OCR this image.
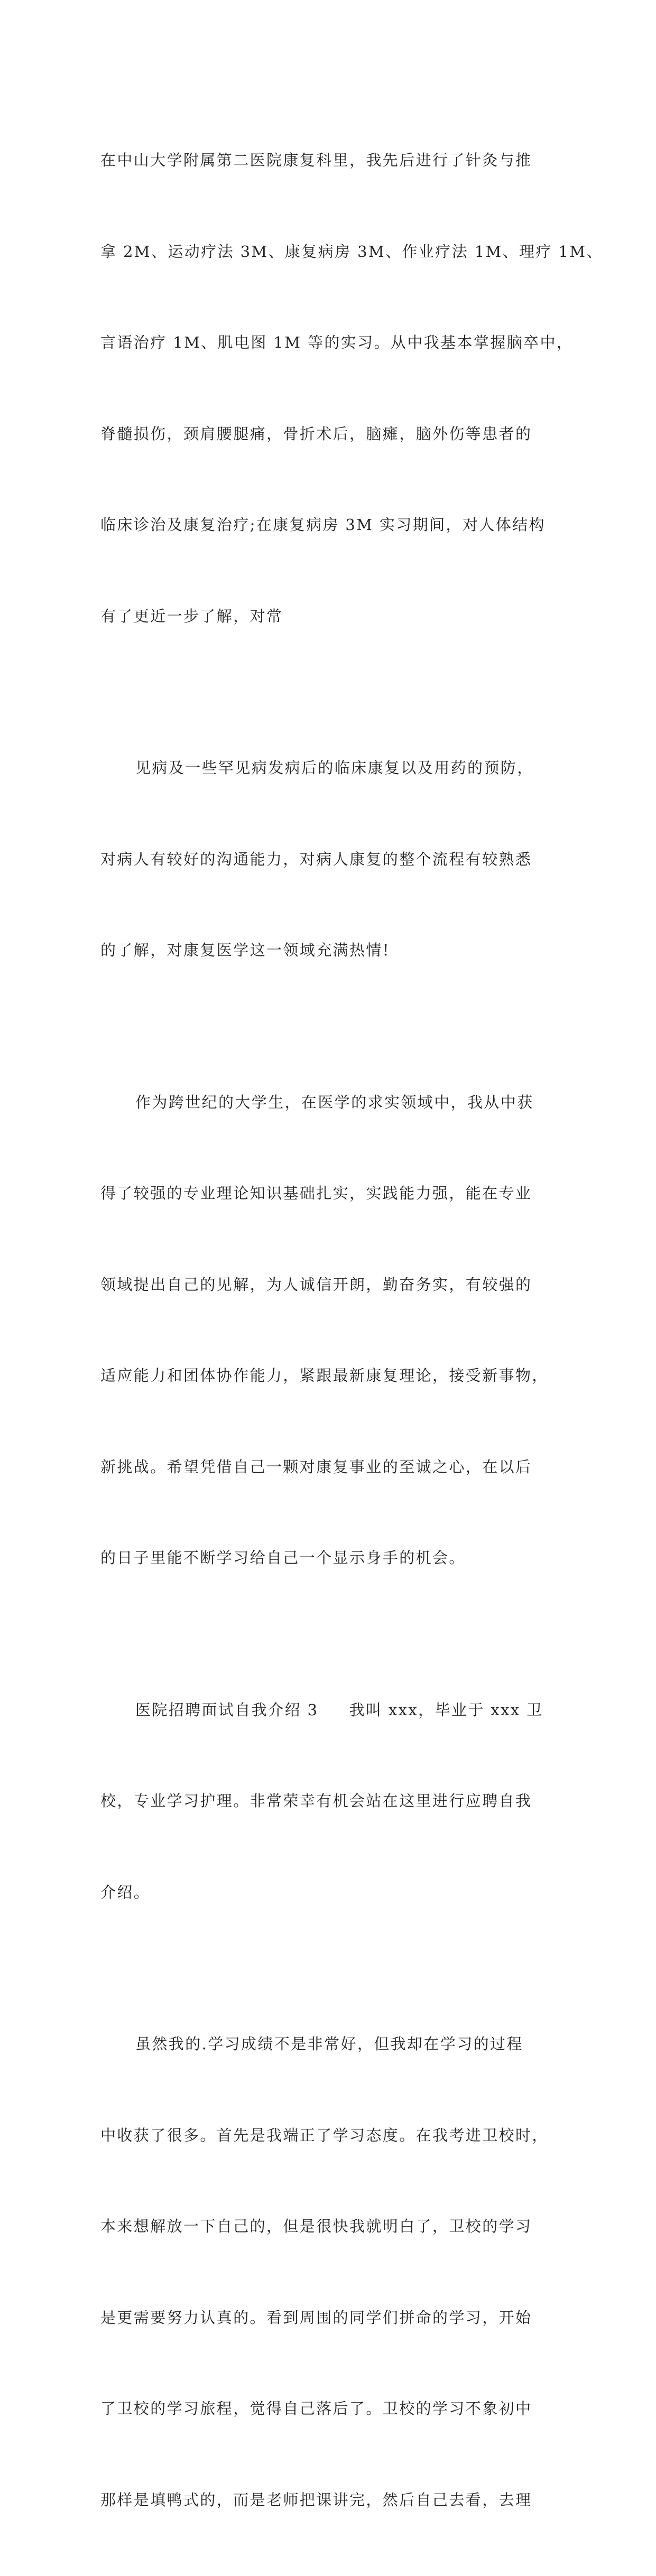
在中山大学附属第二医院康复科里，我先后进行了针灸与推

拿 2M、运动疗法 3M、康复病房 3M、作业疗法 1M、理疗 1M、

言语治疗 1M、肌电图 1M 等的实习。从中我基本掌握脑卒中，

脊髓损伤，颈肩腰腿痛，骨折术后，脑瘫，脑外伤等患者的

临床诊治及康复治疗;在康复病房 3M 实习期间，对人体结构

有了更近一步了解，对常

见病及一些罕见病发病后的临床康复以及用药的预防，

对病人有较好的沟通能力，对病人康复的整个流程有较熟悉

的了解，对康复医学这一领域充满热情!

作为跨世纪的大学生，在医学的求实领域中，我从中获

得了较强的专业理论知识基础扎实，实践能力强，能在专业

领域提出自己的见解，为人诚信开朗，勤奋务实，有较强的

适应能力和团体协作能力，紧跟最新康复理论，接受新事物，

新挑战。希望凭借自己一颗对康复事业的至诚之心，在以后

的日子里能不断学习给自己一个显示身手的机会。

医院招聘面试自我介绍 3 我叫 xxx，毕业于 xxx 卫

校，专业学习护理。非常荣幸有机会站在这里进行应聘自我

介绍。

虽然我的.学习成绩不是非常好，但我却在学习的过程

中收获了很多。首先是我端正了学习态度。在我考进卫校时，

本来想解放一下自己的，但是很快我就明白了，卫校的学习

是更需要努力认真的。看到周围的同学们拼命的学习，开始

了卫校的学习旅程，觉得自己落后了。卫校的学习不象初中

那样是填鸭式的，而是老师把课讲完，然后自己去看，去理
